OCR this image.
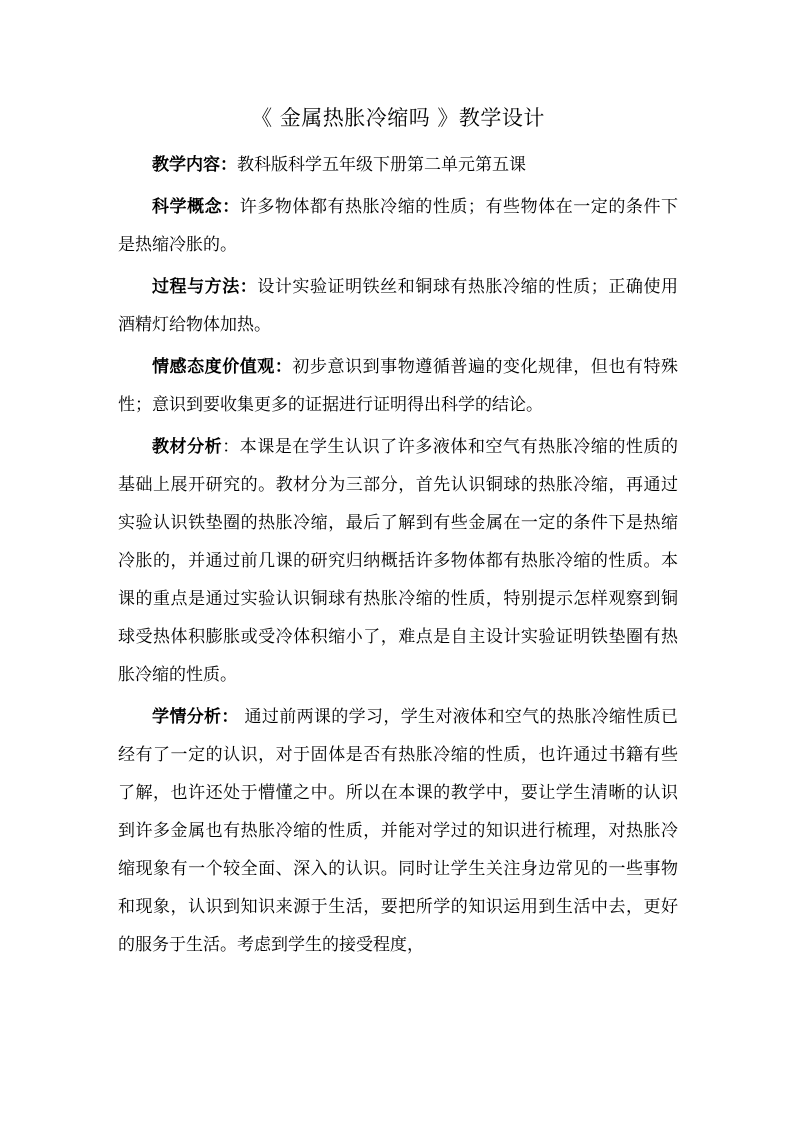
《 金属热胀冷缩吗 》教学设计

教学内容：教科版科学五年级下册第二单元第五课

科学概念：许多物体都有热胀冷缩的性质；有些物体在一定的条件下是热缩冷胀的。

过程与方法：设计实验证明铁丝和铜球有热胀冷缩的性质；正确使用酒精灯给物体加热。

情感态度价值观：初步意识到事物遵循普遍的变化规律，但也有特殊性；意识到要收集更多的证据进行证明得出科学的结论。

教材分析：本课是在学生认识了许多液体和空气有热胀冷缩的性质的基础上展开研究的。教材分为三部分，首先认识铜球的热胀冷缩，再通过实验认识铁垫圈的热胀冷缩，最后了解到有些金属在一定的条件下是热缩冷胀的，并通过前几课的研究归纳概括许多物体都有热胀冷缩的性质。本课的重点是通过实验认识铜球有热胀冷缩的性质，特别提示怎样观察到铜球受热体积膨胀或受冷体积缩小了，难点是自主设计实验证明铁垫圈有热胀冷缩的性质。

学情分析： 通过前两课的学习，学生对液体和空气的热胀冷缩性质已经有了一定的认识，对于固体是否有热胀冷缩的性质，也许通过书籍有些了解，也许还处于懵懂之中。所以在本课的教学中，要让学生清晰的认识到许多金属也有热胀冷缩的性质，并能对学过的知识进行梳理，对热胀冷缩现象有一个较全面、深入的认识。同时让学生关注身边常见的一些事物和现象，认识到知识来源于生活，要把所学的知识运用到生活中去，更好的服务于生活。考虑到学生的接受程度，
